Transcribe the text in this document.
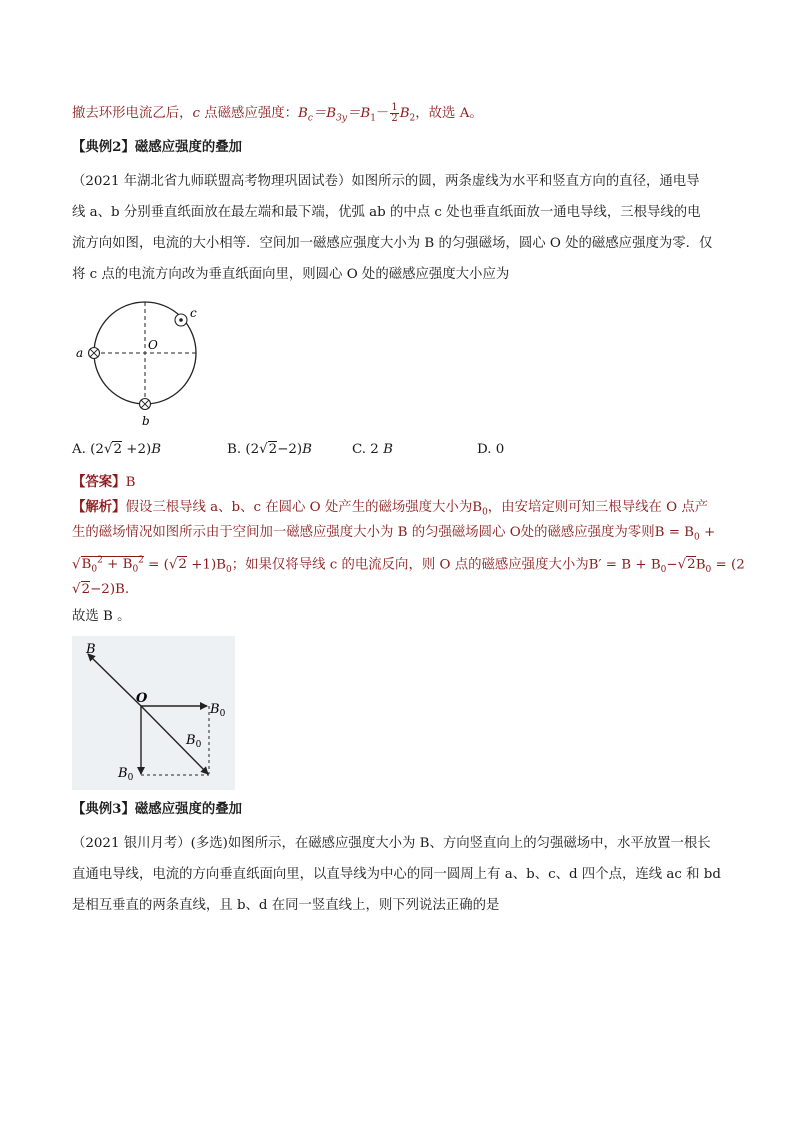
撤去环形电流乙后，c 点磁感应强度：$B_c=B_{3y}=B_1- \frac{1}{2} B_2$，故选 A。
【典例2】磁感应强度的叠加
（2021 年湖北省九师联盟高考物理巩固试卷）如图所示的圆，两条虚线为水平和竖直方向的直径，通电导
线 a、b 分别垂直纸面放在最左端和最下端，优弧 ab 的中点 c 处也垂直纸面放一通电导线，三根导线的电
流方向如图，电流的大小相等．空间加一磁感应强度大小为 B 的匀强磁场，圆心 O 处的磁感应强度为零．仅
将 c 点的电流方向改为垂直纸面向里，则圆心 O 处的磁感应强度大小应为
a
b
c
O
A. (2√2 +2)B	B. (2√2−2)B	C. 2 B	D. 0
【答案】B
【解析】假设三根导线 a、b、c 在圆心 O 处产生的磁场强度大小为$B_0$，由安培定则可知三根导线在 O 点产
生的磁场情况如图所示由于空间加一磁感应强度大小为 B 的匀强磁场圆心 O处的磁感应强度为零则$B = B_0$ +
$√B_0^2 + B_0^2 = (√2 +1)B_0$；如果仅将导线 c 的电流反向，则 O 点的磁感应强度大小为$B' = B + B_0-√2B_0 = (2$
√2−2)B.
故选 B 。
B
O
$B_0$
$B_0$
$B_0$
【典例3】磁感应强度的叠加
（2021 银川月考）(多选)如图所示，在磁感应强度大小为 B、方向竖直向上的匀强磁场中，水平放置一根长
直通电导线，电流的方向垂直纸面向里，以直导线为中心的同一圆周上有 a、b、c、d 四个点，连线 ac 和 bd
是相互垂直的两条直线，且 b、d 在同一竖直线上，则下列说法正确的是
